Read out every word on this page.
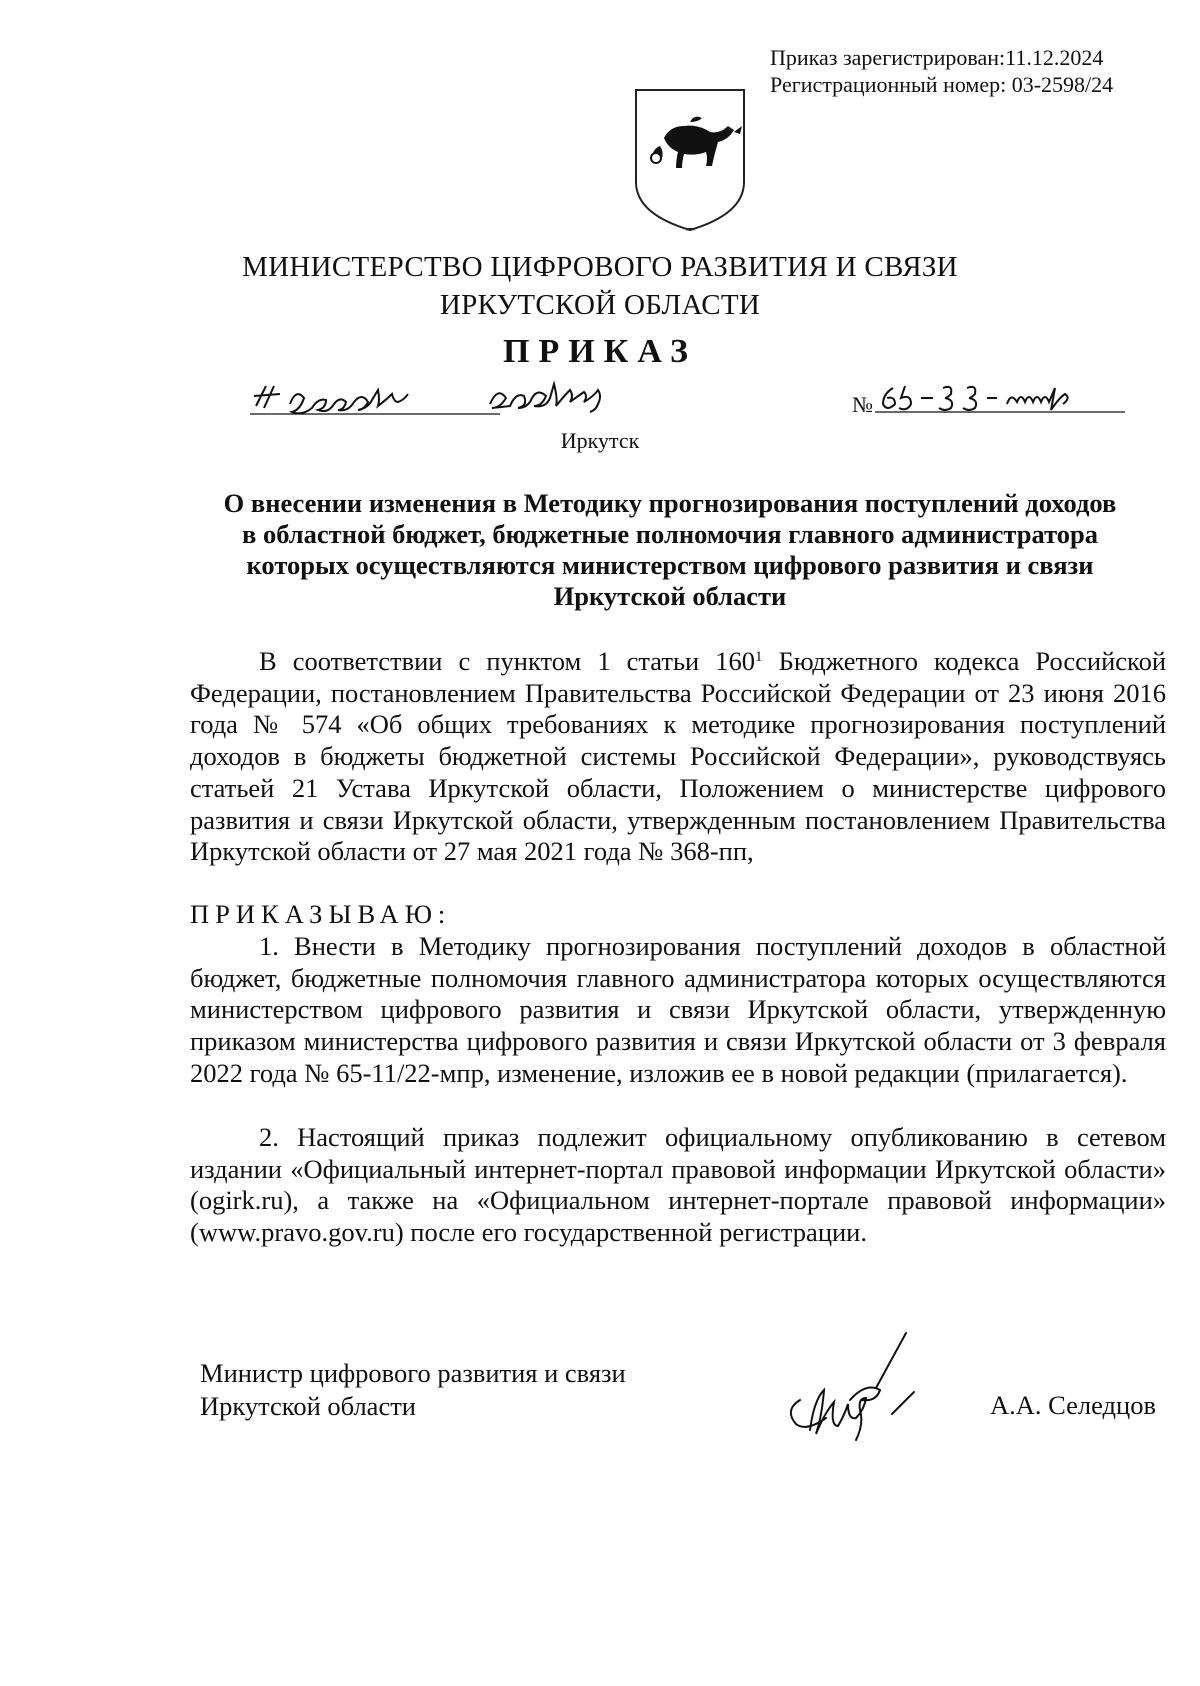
Приказ зарегистрирован:11.12.2024
Регистрационный номер: 03-2598/24
МИНИСТЕРСТВО ЦИФРОВОГО РАЗВИТИЯ И СВЯЗИ
ИРКУТСКОЙ ОБЛАСТИ
ПРИКАЗ
№
Иркутск
О внесении изменения в Методику прогнозирования поступлений доходов
в областной бюджет, бюджетные полномочия главного администратора
которых осуществляются министерством цифрового развития и связи
Иркутской области
В соответствии с пунктом 1 статьи $160^1$ Бюджетного кодекса Российской Федерации, постановлением Правительства Российской Федерации от 23 июня 2016 года № 574 «Об общих требованиях к методике прогнозирования поступлений доходов в бюджеты бюджетной системы Российской Федерации», руководствуясь статьей 21 Устава Иркутской области, Положением о министерстве цифрового развития и связи Иркутской области, утвержденным постановлением Правительства Иркутской области от 27 мая 2021 года № 368-пп,
ПРИКАЗЫВАЮ:
1. Внести в Методику прогнозирования поступлений доходов в областной бюджет, бюджетные полномочия главного администратора которых осуществляются министерством цифрового развития и связи Иркутской области, утвержденную приказом министерства цифрового развития и связи Иркутской области от 3 февраля 2022 года № 65-11/22-мпр, изменение, изложив ее в новой редакции (прилагается).
2. Настоящий приказ подлежит официальному опубликованию в сетевом издании «Официальный интернет-портал правовой информации Иркутской области» (ogirk.ru), а также на «Официальном интернет-портале правовой информации» (www.pravo.gov.ru) после его государственной регистрации.
Министр цифрового развития и связи
Иркутской области	А.А. Селедцов
